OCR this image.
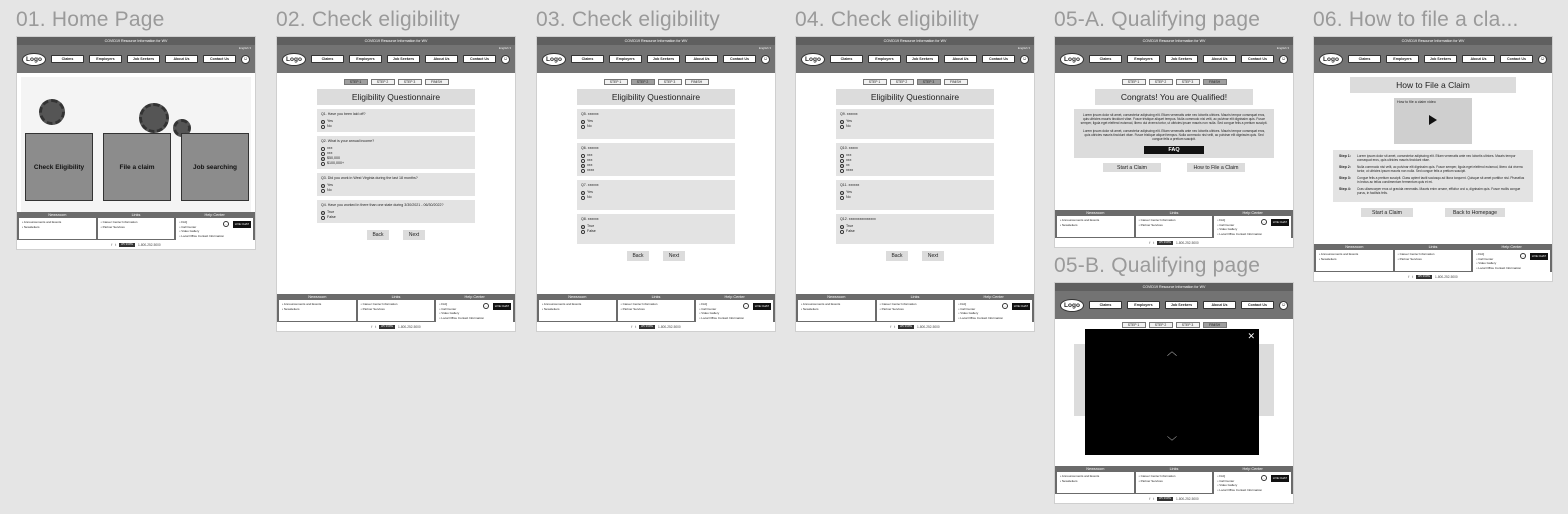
01. Home Page	02. Check eligibility	03. Check eligibility	04. Check eligibility	05-A. Qualifying page	06. How to file a cla...
05-B. Qualifying page
COVID19 Resource Information for WV
English ▾
Logo	Claims	Employers	Job Seekers	About Us	Contact Us	☺
Check Eligibility	File a claim	Job searching
Newsroom
• Announcements and Events
• Newsletters
Links
• Career Center Information
• Partner Services
Help Center
• FAQ
• Call Center
• Video Gallery
• Local Office Contact Information
…	LIVE CHAT
f t	WV STATE	1-800-252-5000
COVID19 Resource Information for WV
English ▾
Logo	Claims	Employers	Job Seekers	About Us	Contact Us	☺
STEP 1	STEP 2	STEP 3	FINISH
Eligibility Questionnaire
Q1. Have you been laid off?
Yes
No
Q2. What is your annual income?
xxx
xxx
$50,000
$100,000+
Q3. Did you work in West Virginia during the last 18 months?
Yes
No
Q4. Have you worked in there than one state during 3/30/2021 - 06/30/2022?
True
False
Back	Next
Newsroom
• Announcements and Events
• Newsletters
Links
• Career Center Information
• Partner Services
Help Center
• FAQ
• Call Center
• Video Gallery
• Local Office Contact Information
…	LIVE CHAT
f t	WV STATE	1-800-252-5000
COVID19 Resource Information for WV
English ▾
Logo	Claims	Employers	Job Seekers	About Us	Contact Us	☺
STEP 1	STEP 2	STEP 3	FINISH
Eligibility Questionnaire
Q5. xxxxxx
Yes
No
Q6. xxxxxx
xxx
xxx
xxx
xxxx
Q7. xxxxxx
Yes
No
Q8. xxxxxx
True
False
Back	Next
Newsroom
• Announcements and Events
• Newsletters
Links
• Career Center Information
• Partner Services
Help Center
• FAQ
• Call Center
• Video Gallery
• Local Office Contact Information
…	LIVE CHAT
f t	WV STATE	1-800-252-5000
COVID19 Resource Information for WV
English ▾
Logo	Claims	Employers	Job Seekers	About Us	Contact Us	☺
STEP 1	STEP 2	STEP 3	FINISH
Eligibility Questionnaire
Q9. xxxxxx
Yes
No
Q10. xxxxx
xxx
xxx
xx
xxxx
Q11. xxxxxx
Yes
No
Q12. xxxxxxxxxxxxxxx
True
False
Back	Next
Newsroom
• Announcements and Events
• Newsletters
Links
• Career Center Information
• Partner Services
Help Center
• FAQ
• Call Center
• Video Gallery
• Local Office Contact Information
…	LIVE CHAT
f t	WV STATE	1-800-252-5000
COVID19 Resource Information for WV
English ▾
Logo	Claims	Employers	Job Seekers	About Us	Contact Us	☺
STEP 1	STEP 2	STEP 3	FINISH
Congrats! You are Qualified!
Lorem ipsum dolor sit amet, consectetur adipiscing elit. Etiam venenatis ante nec lobortis ultrices. Mauris tempor consequat eros, quis ultricies mauris tincidunt vitae. Fusce tristique aliquet tempus. Nulla commodo nisi velit, ac pulvinar elit dignissim quis. Fusce semper, ligula eget eleifend euismod, libero dui viverra tortor, ut ultricies ipsum mauris non nulla. Sed congue felis a pretium suscipit.
Lorem ipsum dolor sit amet, consectetur adipiscing elit. Etiam venenatis ante nec lobortis ultrices. Mauris tempor consequat eros, quis ultricies mauris tincidunt vitae. Fusce tristique aliquet tempus. Nulla commodo nisi velit, ac pulvinar elit dignissim quis. Sed congue felis a pretium suscipit.
FAQ
Start a Claim	How to File a Claim
Newsroom
• Announcements and Events
• Newsletters
Links
• Career Center Information
• Partner Services
Help Center
• FAQ
• Call Center
• Video Gallery
• Local Office Contact Information
…	LIVE CHAT
f t	WV STATE	1-800-252-5000
COVID19 Resource Information for WV
Logo	Claims	Employers	Job Seekers	About Us	Contact Us	☺
STEP 1	STEP 2	STEP 3	FINISH
✕
︿
﹀
Newsroom
• Announcements and Events
• Newsletters
Links
• Career Center Information
• Partner Services
Help Center
• FAQ
• Call Center
• Video Gallery
• Local Office Contact Information
…	LIVE CHAT
f t	WV STATE	1-800-252-5000
COVID19 Resource Information for WV
Logo	Claims	Employers	Job Seekers	About Us	Contact Us	☺
How to File a Claim
How to file a claim video
Step 1:	Lorem ipsum dolor sit amet, consectetur adipiscing elit. Etiam venenatis ante nec lobortis ultrices. Mauris tempor consequat eros, quis ultricies mauris tincidunt vitae.
Step 2:	Nulla commodo nisi velit, ac pulvinar elit dignissim quis. Fusce semper, ligula eget eleifend euismod, libero dui viverra tortor, ut ultricies ipsum mauris non nulla. Sed congue felis a pretium suscipit.
Step 3:	Congue felis a pretium suscipit. Class aptent taciti sociosqu ad litora torquent. Quisque sit amet porttitor nisl. Phasellus in lectus ac tellus condimentum fermentum quis et mi.
Step 4:	Cras ullamcorper eros ut gravida venenatis. Mauris enim ornare, efficitur orci a, dignissim quis. Fusce mollis congue purus, in facilisis felis.
Start a Claim	Back to Homepage
Newsroom
• Announcements and Events
• Newsletters
Links
• Career Center Information
• Partner Services
Help Center
• FAQ
• Call Center
• Video Gallery
• Local Office Contact Information
…	LIVE CHAT
f t	WV STATE	1-800-252-5000
